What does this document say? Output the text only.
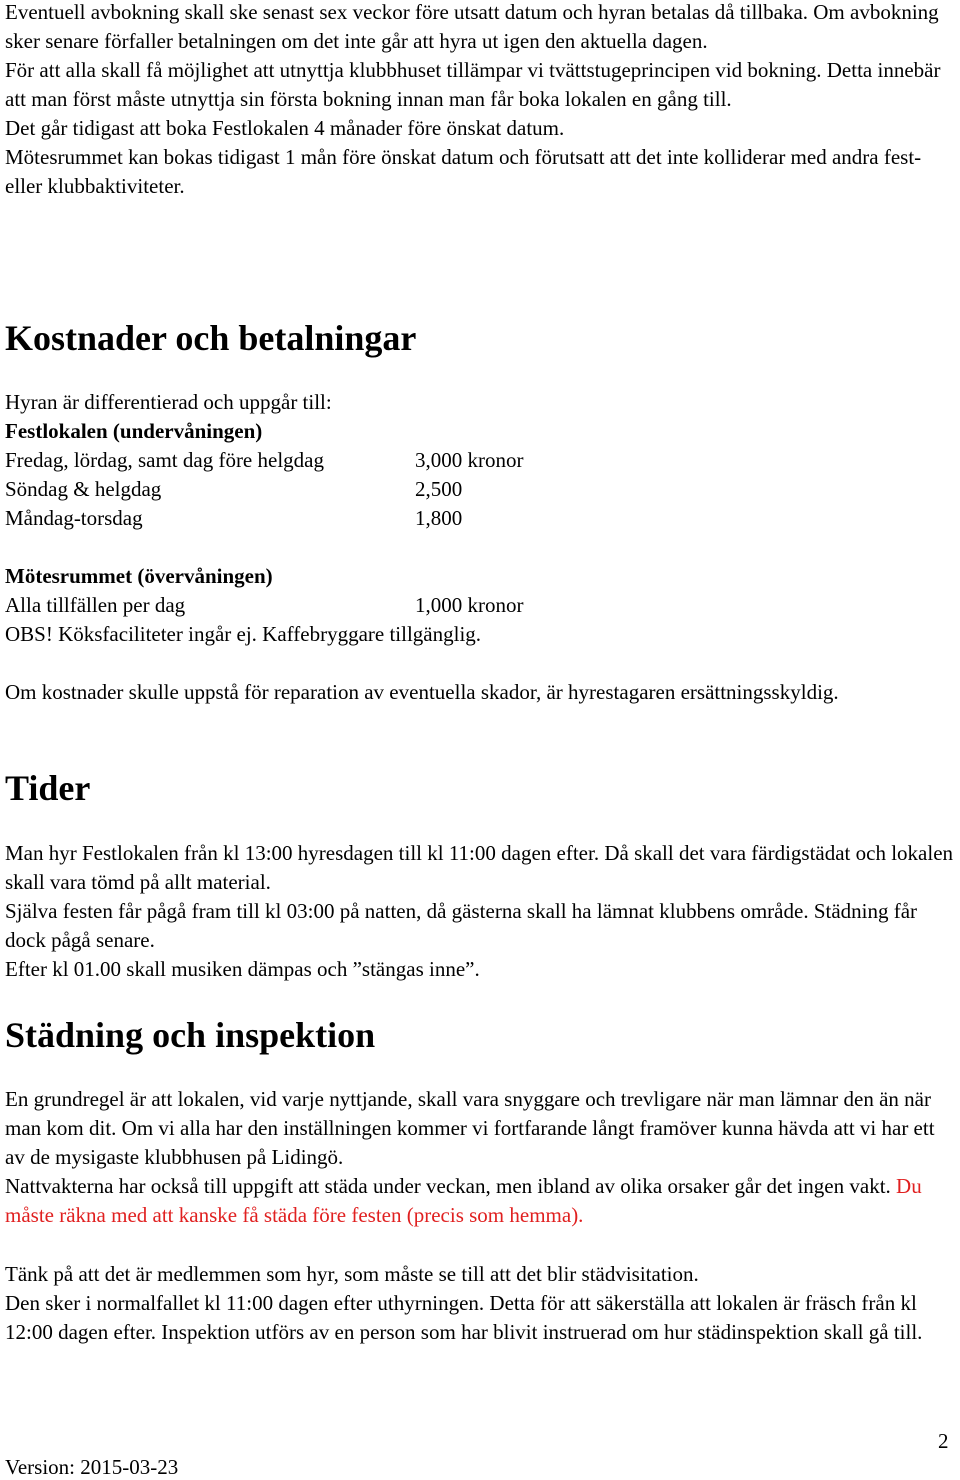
Eventuell avbokning skall ske senast sex veckor före utsatt datum och hyran betalas då tillbaka. Om avbokning sker senare förfaller betalningen om det inte går att hyra ut igen den aktuella dagen.

För att alla skall få möjlighet att utnyttja klubbhuset tillämpar vi tvättstugeprincipen vid bokning. Detta innebär att man först måste utnyttja sin första bokning innan man får boka lokalen en gång till.

Det går tidigast att boka Festlokalen 4 månader före önskat datum.

Mötesrummet kan bokas tidigast 1 mån före önskat datum och förutsatt att det inte kolliderar med andra fest- eller klubbaktiviteter.

Kostnader och betalningar

Hyran är differentierad och uppgår till:

Festlokalen (undervåningen)

Fredag, lördag, samt dag före helgdag	3,000 kronor
Söndag & helgdag	2,500
Måndag-torsdag	1,800

Mötesrummet (övervåningen)

Alla tillfällen per dag	1,000 kronor

OBS! Köksfaciliteter ingår ej. Kaffebryggare tillgänglig.

Om kostnader skulle uppstå för reparation av eventuella skador, är hyrestagaren ersättningsskyldig.

Tider

Man hyr Festlokalen från kl 13:00 hyresdagen till kl 11:00 dagen efter. Då skall det vara färdigstädat och lokalen skall vara tömd på allt material.

Själva festen får pågå fram till kl 03:00 på natten, då gästerna skall ha lämnat klubbens område. Städning får dock pågå senare.

Efter kl 01.00 skall musiken dämpas och ”stängas inne”.

Städning och inspektion

En grundregel är att lokalen, vid varje nyttjande, skall vara snyggare och trevligare när man lämnar den än när man kom dit. Om vi alla har den inställningen kommer vi fortfarande långt framöver kunna hävda att vi har ett av de mysigaste klubbhusen på Lidingö.

Nattvakterna har också till uppgift att städa under veckan, men ibland av olika orsaker går det ingen vakt. Du måste räkna med att kanske få städa före festen (precis som hemma).

Tänk på att det är medlemmen som hyr, som måste se till att det blir städvisitation.

Den sker i normalfallet kl 11:00 dagen efter uthyrningen. Detta för att säkerställa att lokalen är fräsch från kl 12:00 dagen efter. Inspektion utförs av en person som har blivit instruerad om hur städinspektion skall gå till.

2
Version: 2015-03-23
